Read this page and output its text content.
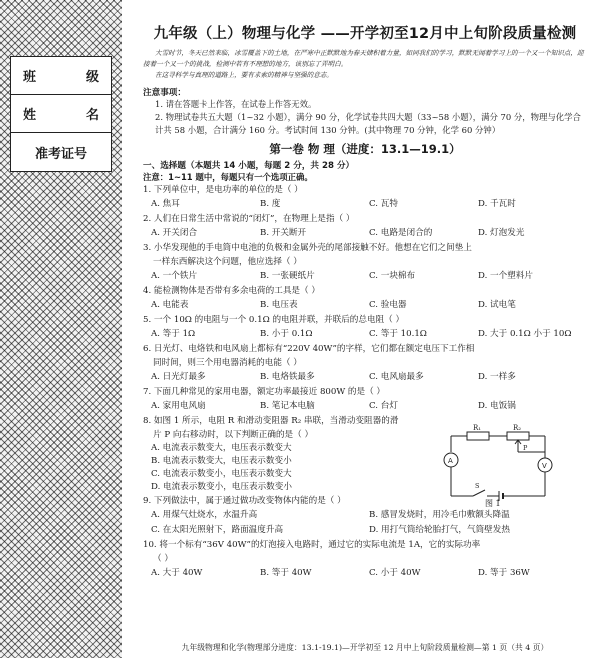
班	级
姓	名
准考证号
九年级（上）物理与化学 ——开学初至12月中上旬阶段质量检测
大雪时节，冬天已然来临，冰雪覆盖下的土地，在严寒中正默默地为春天储积着力量，如同我们的学习，默默无闻着学习上的一个又一个知识点，迎接着一个又一个的挑战，检测中若有不理想的地方，该别忘了弄明白。
在这寻科学与真理的道路上，要有求索的精神与坚强的意志。
注意事项：
1. 请在答题卡上作答，在试卷上作答无效。
2. 物理试卷共五大题（1~32 小题），满分 90 分，化学试卷共四大题（33~58 小题），满分 70 分，物理与化学合计共 58 小题，合计满分 160 分。考试时间 130 分钟。(其中物理 70 分钟，化学 60 分钟）
第一卷 物 理（进度：13.1—19.1）
一、选择题（本题共 14 小题，每题 2 分，共 28 分）
注意：1~11 题中，每题只有一个选项正确。
1. 下列单位中，是电功率的单位的是（ ）
A. 焦耳	B. 度	C. 瓦特	D. 千瓦时
2. 人们在日常生活中常说的“闭灯”，在物理上是指（ ）
A. 开关闭合	B. 开关断开	C. 电路是闭合的	D. 灯泡发光
3. 小华发现他的手电筒中电池的负极和金属外壳的尾部接触不好。他想在它们之间垫上
一样东西解决这个问题，他应选择（ ）
A. 一个铁片	B. 一张硬纸片	C. 一块棉布	D. 一个塑料片
4. 能检测物体是否带有多余电荷的工具是（ ）
A. 电能表	B. 电压表	C. 验电器	D. 试电笔
5. 一个 10Ω 的电阻与一个 0.1Ω 的电阻并联，并联后的总电阻（ ）
A. 等于 1Ω	B. 小于 0.1Ω	C. 等于 10.1Ω	D. 大于 0.1Ω 小于 10Ω
6. 日光灯、电烙铁和电风扇上都标有“220V 40W”的字样，它们都在额定电压下工作相
同时间，则三个用电器消耗的电能（ ）
A. 日光灯最多	B. 电烙铁最多	C. 电风扇最多	D. 一样多
7. 下面几种常见的家用电器，额定功率最接近 800W 的是（ ）
A. 家用电风扇	B. 笔记本电脑	C. 台灯	D. 电饭锅
8. 如图 1 所示，电阻 R 和滑动变阻器 R₂ 串联，当滑动变阻器的滑
片 P 向右移动时，以下判断正确的是（ ）
A. 电流表示数变大，电压表示数变大
B. 电流表示数变大，电压表示数变小
C. 电流表示数变小，电压表示数变大
D. 电流表示数变小，电压表示数变小
R₁	R₂
P
A
V
S
图 1
9. 下列做法中，属于通过做功改变物体内能的是（ ）
A. 用煤气灶烧水，水温升高	B. 感冒发烧时，用冷毛巾敷额头降温
C. 在太阳光照射下，路面温度升高	D. 用打气筒给轮胎打气，气筒壁发热
10. 将一个标有“36V 40W”的灯泡接入电路时，通过它的实际电流是 1A，它的实际功率
（ ）
A. 大于 40W	B. 等于 40W	C. 小于 40W	D. 等于 36W
九年级物理和化学(物理部分进度：13.1-19.1)—开学初至 12 月中上旬阶段质量检测—第 1 页（共 4 页）
